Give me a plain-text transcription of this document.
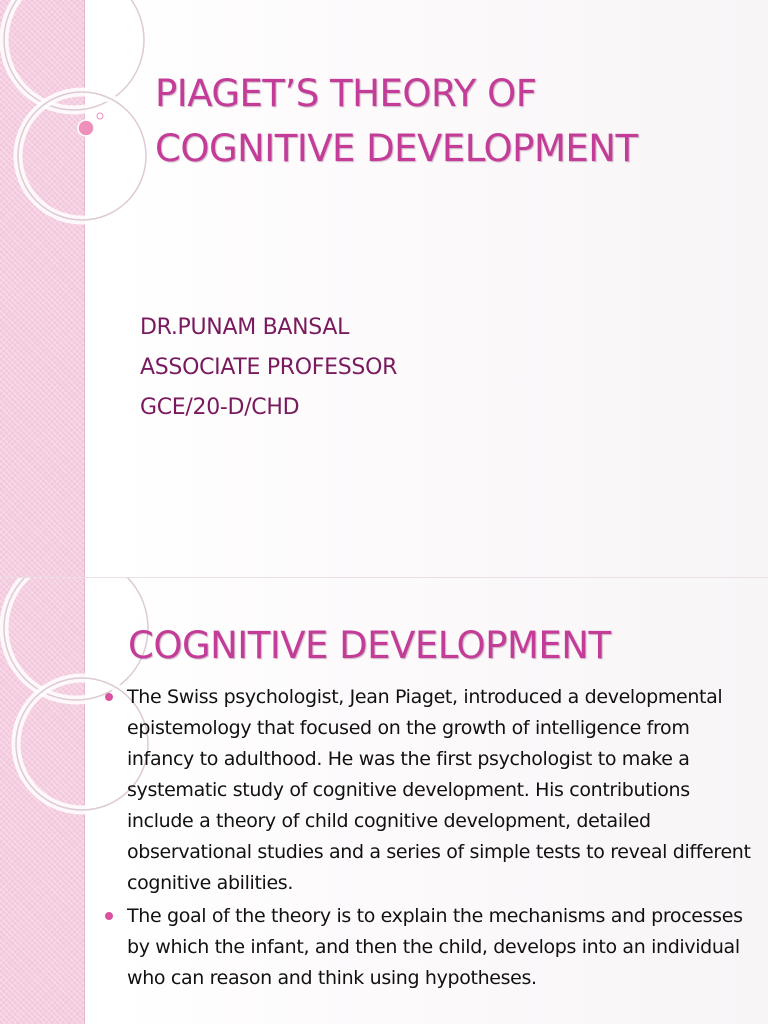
PIAGET’S THEORY OF
COGNITIVE DEVELOPMENT
DR.PUNAM BANSAL
ASSOCIATE PROFESSOR
GCE/20-D/CHD
COGNITIVE DEVELOPMENT
The Swiss psychologist, Jean Piaget, introduced a developmental epistemology that focused on the growth of intelligence from infancy to adulthood. He was the first psychologist to make a systematic study of cognitive development. His contributions include a theory of child cognitive development, detailed observational studies and a series of simple tests to reveal different cognitive abilities.
The goal of the theory is to explain the mechanisms and processes by which the infant, and then the child, develops into an individual who can reason and think using hypotheses.
